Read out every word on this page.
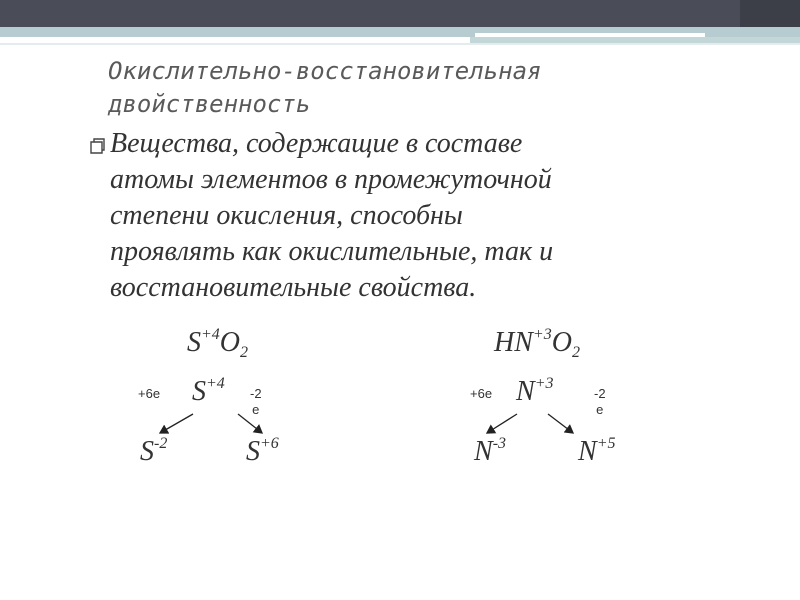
Окислительно-восстановительная
двойственность
Вещества, содержащие в составе
атомы элементов в промежуточной
степени окисления, способны
проявлять как окислительные, так и
восстановительные свойства.
$S^{+4}O_2$
+6е $S^{+4}$
-2
е
$S^{-2}$	$S^{+6}$
$HN^{+3}O_2$
+6е $N^{+3}$
-2
е
$N^{-3}$	$N^{+5}$
